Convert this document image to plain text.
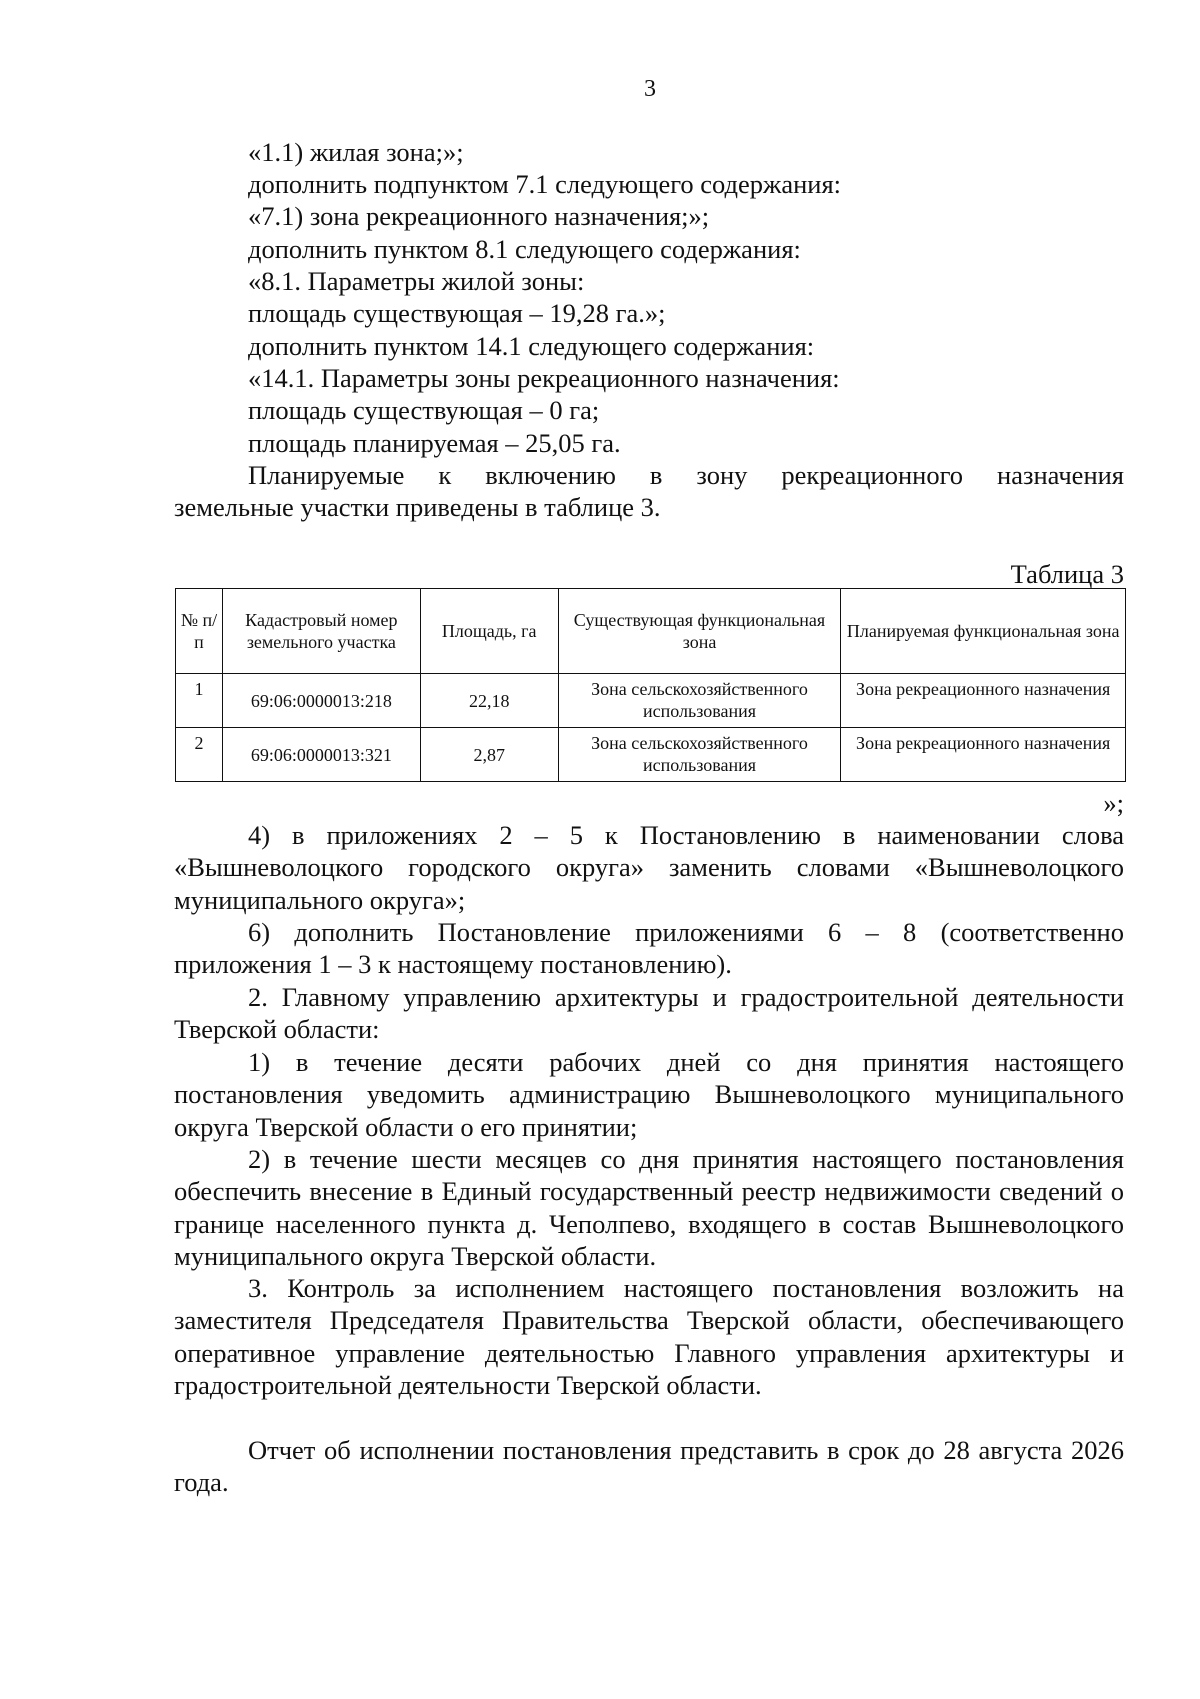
3
«1.1) жилая зона;»;
дополнить подпунктом 7.1 следующего содержания:
«7.1) зона рекреационного назначения;»;
дополнить пунктом 8.1 следующего содержания:
«8.1. Параметры жилой зоны:
площадь существующая – 19,28 га.»;
дополнить пунктом 14.1 следующего содержания:
«14.1. Параметры зоны рекреационного назначения:
площадь существующая – 0 га;
площадь планируемая – 25,05 га.
Планируемые к включению в зону рекреационного назначения
земельные участки приведены в таблице 3.
Таблица 3
№ п/п	Кадастровый номер земельного участка	Площадь, га	Существующая функциональная зона	Планируемая функциональная зона
1	69:06:0000013:218	22,18	Зона сельскохозяйственного использования	Зона рекреационного назначения
2	69:06:0000013:321	2,87	Зона сельскохозяйственного использования	Зона рекреационного назначения
»;
4) в приложениях 2 – 5 к Постановлению в наименовании слова «Вышневолоцкого городского округа» заменить словами «Вышневолоцкого муниципального округа»;
6) дополнить Постановление приложениями 6 – 8 (соответственно приложения 1 – 3 к настоящему постановлению).
2. Главному управлению архитектуры и градостроительной деятельности Тверской области:
1) в течение десяти рабочих дней со дня принятия настоящего постановления уведомить администрацию Вышневолоцкого муниципального округа Тверской области о его принятии;
2) в течение шести месяцев со дня принятия настоящего постановления обеспечить внесение в Единый государственный реестр недвижимости сведений о границе населенного пункта д. Чеполпево, входящего в состав Вышневолоцкого муниципального округа Тверской области.
3. Контроль за исполнением настоящего постановления возложить на заместителя Председателя Правительства Тверской области, обеспечивающего оперативное управление деятельностью Главного управления архитектуры и градостроительной деятельности Тверской области.
Отчет об исполнении постановления представить в срок до 28 августа 2026 года.
